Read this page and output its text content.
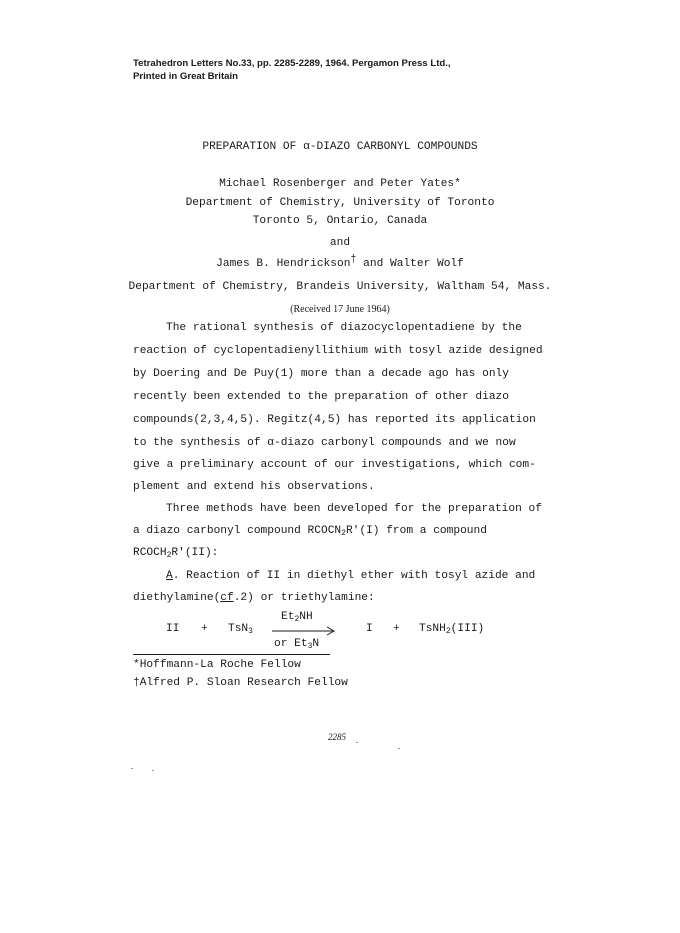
Tetrahedron Letters No.33, pp. 2285-2289, 1964. Pergamon Press Ltd.,
Printed in Great Britain
PREPARATION OF α-DIAZO CARBONYL COMPOUNDS
Michael Rosenberger and Peter Yates*
Department of Chemistry, University of Toronto
Toronto 5, Ontario, Canada
and
James B. Hendrickson† and Walter Wolf
Department of Chemistry, Brandeis University, Waltham 54, Mass.
(Received 17 June 1964)
The rational synthesis of diazocyclopentadiene by the
reaction of cyclopentadienyllithium with tosyl azide designed
by Doering and De Puy(1) more than a decade ago has only
recently been extended to the preparation of other diazo
compounds(2,3,4,5). Regitz(4,5) has reported its application
to the synthesis of α-diazo carbonyl compounds and we now
give a preliminary account of our investigations, which com-
plement and extend his observations.
Three methods have been developed for the preparation of
a diazo carbonyl compound $RCOCN_2R'(I)$ from a compound
$RCOCH_2R'(II)$:
A. Reaction of II in diethyl ether with tosyl azide and
diethylamine(cf.2) or triethylamine:
$Et_2NH$
II + TsN$_3$ →
or $Et_3N$
I + TsNH$_2$(III)
*Hoffmann-La Roche Fellow
†Alfred P. Sloan Research Fellow
2285
